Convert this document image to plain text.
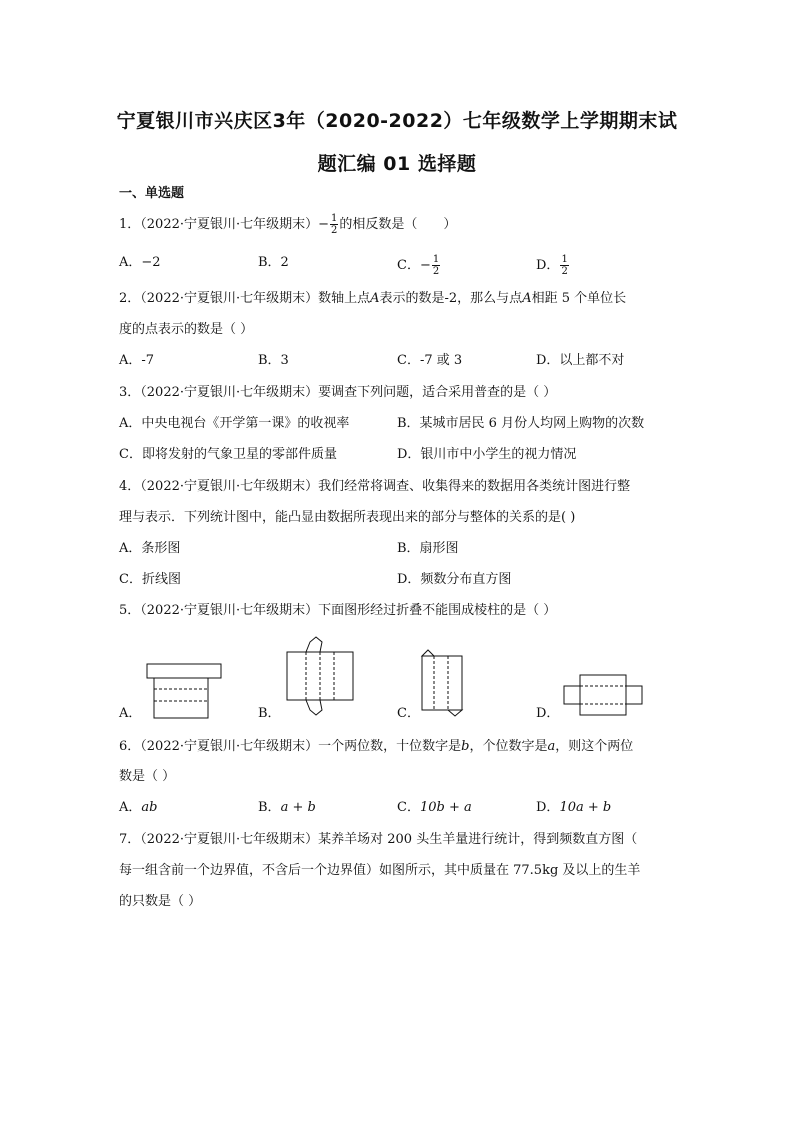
宁夏银川市兴庆区3年（2020-2022）七年级数学上学期期末试
题汇编 01 选择题
一、单选题
1．（2022·宁夏银川·七年级期末）− $\frac{1}{2}$ 的相反数是（　　）
A．−2	B．2	C．− $\frac{1}{2}$	D． $\frac{1}{2}$
2．（2022·宁夏银川·七年级期末）数轴上点A表示的数是-2，那么与点A相距 5 个单位长
度的点表示的数是（ ）
A．-7	B．3	C．-7 或 3	D．以上都不对
3．（2022·宁夏银川·七年级期末）要调查下列问题，适合采用普查的是（ ）
A．中央电视台《开学第一课》的收视率	B．某城市居民 6 月份人均网上购物的次数
C．即将发射的气象卫星的零部件质量	D．银川市中小学生的视力情况
4．（2022·宁夏银川·七年级期末）我们经常将调查、收集得来的数据用各类统计图进行整
理与表示．下列统计图中，能凸显由数据所表现出来的部分与整体的关系的是( )
A．条形图	B．扇形图
C．折线图	D．频数分布直方图
5．（2022·宁夏银川·七年级期末）下面图形经过折叠不能围成棱柱的是（ ）
A．	B．	C．	D．
6．（2022·宁夏银川·七年级期末）一个两位数，十位数字是b，个位数字是a，则这个两位
数是（ ）
A．ab	B．a + b	C．10b + a	D．10a + b
7．（2022·宁夏银川·七年级期末）某养羊场对 200 头生羊量进行统计，得到频数直方图（
每一组含前一个边界值，不含后一个边界值）如图所示，其中质量在 77.5kg 及以上的生羊
的只数是（ ）
